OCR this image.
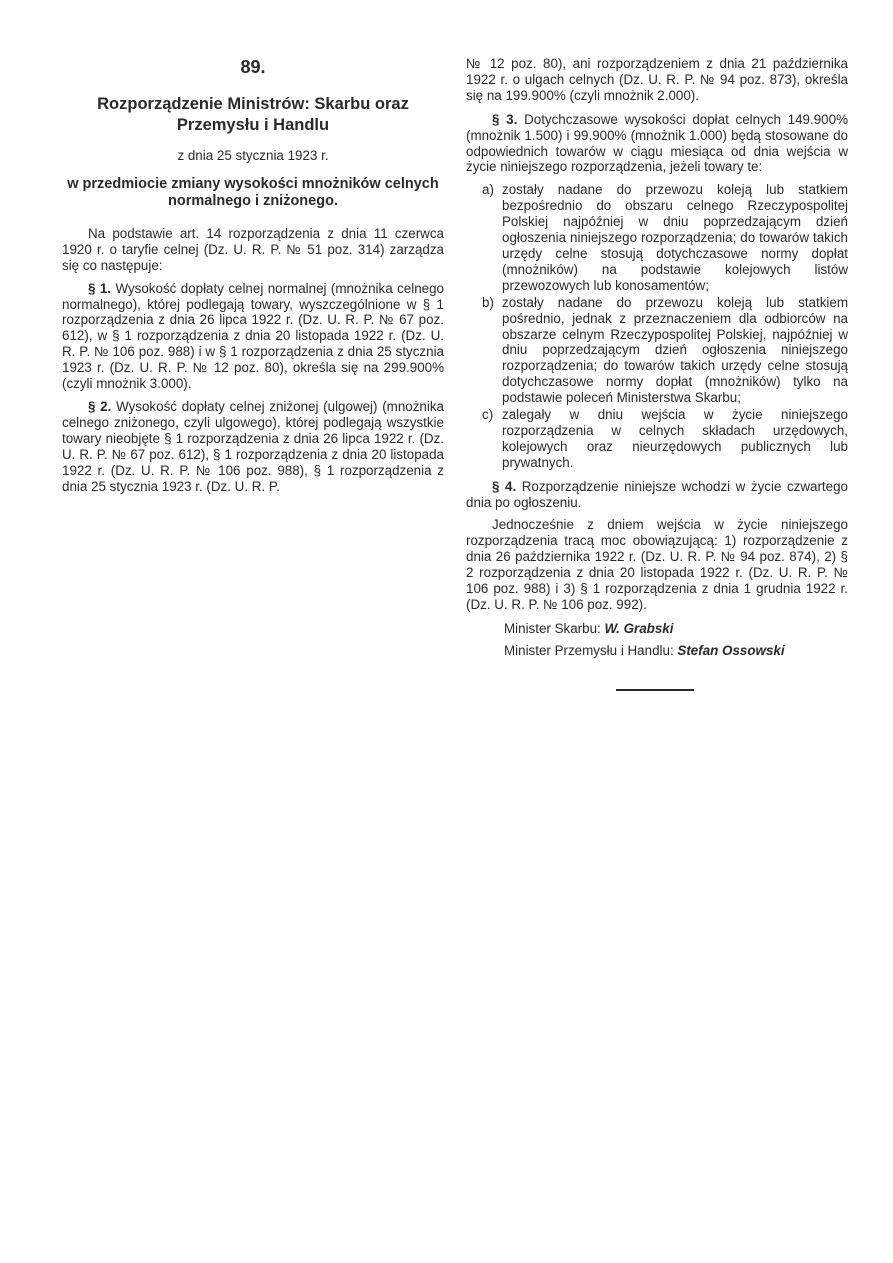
89.

Rozporządzenie Ministrów: Skarbu oraz Przemysłu i Handlu

z dnia 25 stycznia 1923 r.

w przedmiocie zmiany wysokości mnożników celnych normalnego i zniżonego.

Na podstawie art. 14 rozporządzenia z dnia 11 czerwca 1920 r. o taryfie celnej (Dz. U. R. P. № 51 poz. 314) zarządza się co następuje:

§ 1. Wysokość dopłaty celnej normalnej (mnożnika celnego normalnego), której podlegają towary, wyszczególnione w § 1 rozporządzenia z dnia 26 lipca 1922 r. (Dz. U. R. P. № 67 poz. 612), w § 1 rozporządzenia z dnia 20 listopada 1922 r. (Dz. U. R. P. № 106 poz. 988) i w § 1 rozporządzenia z dnia 25 stycznia 1923 r. (Dz. U. R. P. № 12 poz. 80), określa się na 299.900% (czyli mnożnik 3.000).

§ 2. Wysokość dopłaty celnej zniżonej (ulgowej) (mnożnika celnego zniżonego, czyli ulgowego), której podlegają wszystkie towary nieobjęte § 1 rozporządzenia z dnia 26 lipca 1922 r. (Dz. U. R. P. № 67 poz. 612), § 1 rozporządzenia z dnia 20 listopada 1922 r. (Dz. U. R. P. № 106 poz. 988), § 1 rozporządzenia z dnia 25 stycznia 1923 r. (Dz. U. R. P.

№ 12 poz. 80), ani rozporządzeniem z dnia 21 października 1922 r. o ulgach celnych (Dz. U. R. P. № 94 poz. 873), określa się na 199.900% (czyli mnożnik 2.000).

§ 3. Dotychczasowe wysokości dopłat celnych 149.900% (mnożnik 1.500) i 99.900% (mnożnik 1.000) będą stosowane do odpowiednich towarów w ciągu miesiąca od dnia wejścia w życie niniejszego rozporządzenia, jeżeli towary te:

a) zostały nadane do przewozu koleją lub statkiem bezpośrednio do obszaru celnego Rzeczypospolitej Polskiej najpóźniej w dniu poprzedzającym dzień ogłoszenia niniejszego rozporządzenia; do towarów takich urzędy celne stosują dotychczasowe normy dopłat (mnożników) na podstawie kolejowych listów przewozowych lub konosamentów;
b) zostały nadane do przewozu koleją lub statkiem pośrednio, jednak z przeznaczeniem dla odbiorców na obszarze celnym Rzeczypospolitej Polskiej, najpóźniej w dniu poprzedzającym dzień ogłoszenia niniejszego rozporządzenia; do towarów takich urzędy celne stosują dotychczasowe normy dopłat (mnożników) tylko na podstawie poleceń Ministerstwa Skarbu;
c) zalegały w dniu wejścia w życie niniejszego rozporządzenia w celnych składach urzędowych, kolejowych oraz nieurzędowych publicznych lub prywatnych.

§ 4. Rozporządzenie niniejsze wchodzi w życie czwartego dnia po ogłoszeniu.

Jednocześnie z dniem wejścia w życie niniejszego rozporządzenia tracą moc obowiązującą: 1) rozporządzenie z dnia 26 października 1922 r. (Dz. U. R. P. № 94 poz. 874), 2) § 2 rozporządzenia z dnia 20 listopada 1922 r. (Dz. U. R. P. № 106 poz. 988) i 3) § 1 rozporządzenia z dnia 1 grudnia 1922 r. (Dz. U. R. P. № 106 poz. 992).

Minister Skarbu: W. Grabski

Minister Przemysłu i Handlu: Stefan Ossowski
